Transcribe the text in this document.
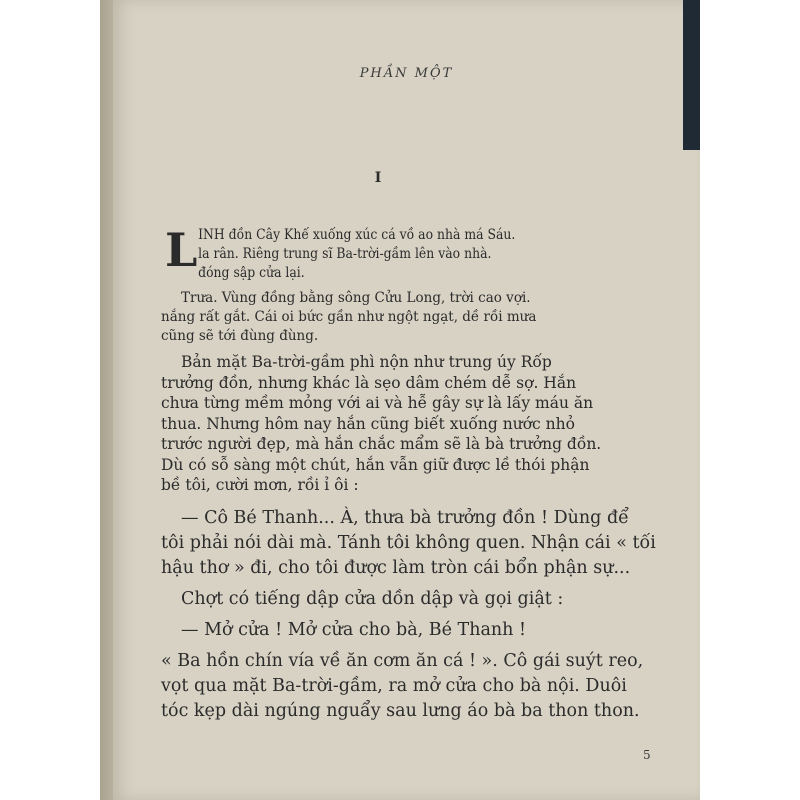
PHẦN MỘT
I
L INH đồn Cây Khế xuống xúc cá vồ ao nhà má Sáu.
la rân. Riêng trung sĩ Ba-trời-gầm lên vào nhà.
đóng sập cửa lại.
Trưa. Vùng đồng bằng sông Cửu Long, trời cao vợi.
nắng rất gắt. Cái oi bức gần như ngột ngạt, dề rồi mưa
cũng sẽ tới đùng đùng.
Bản mặt Ba-trời-gầm phì nộn như trung úy Rốp
trưởng đồn, nhưng khác là sẹo dâm chém dễ sợ. Hắn
chưa từng mềm mỏng với ai và hễ gây sự là lấy máu ăn
thua. Nhưng hôm nay hắn cũng biết xuống nước nhỏ
trước người đẹp, mà hắn chắc mẩm sẽ là bà trưởng đồn.
Dù có sỗ sàng một chút, hắn vẫn giữ được lề thói phận
bề tôi, cười mơn, rồi ỉ ôi :
— Cô Bé Thanh... À, thưa bà trưởng đồn ! Dùng để
tôi phải nói dài mà. Tánh tôi không quen. Nhận cái « tối
hậu thơ » đi, cho tôi được làm tròn cái bổn phận sự...
Chợt có tiếng dập cửa dồn dập và gọi giật :
— Mở cửa ! Mở cửa cho bà, Bé Thanh !
« Ba hồn chín vía về ăn cơm ăn cá ! ». Cô gái suýt reo,
vọt qua mặt Ba-trời-gầm, ra mở cửa cho bà nội. Duôi
tóc kẹp dài ngúng nguẩy sau lưng áo bà ba thon thon.
5
